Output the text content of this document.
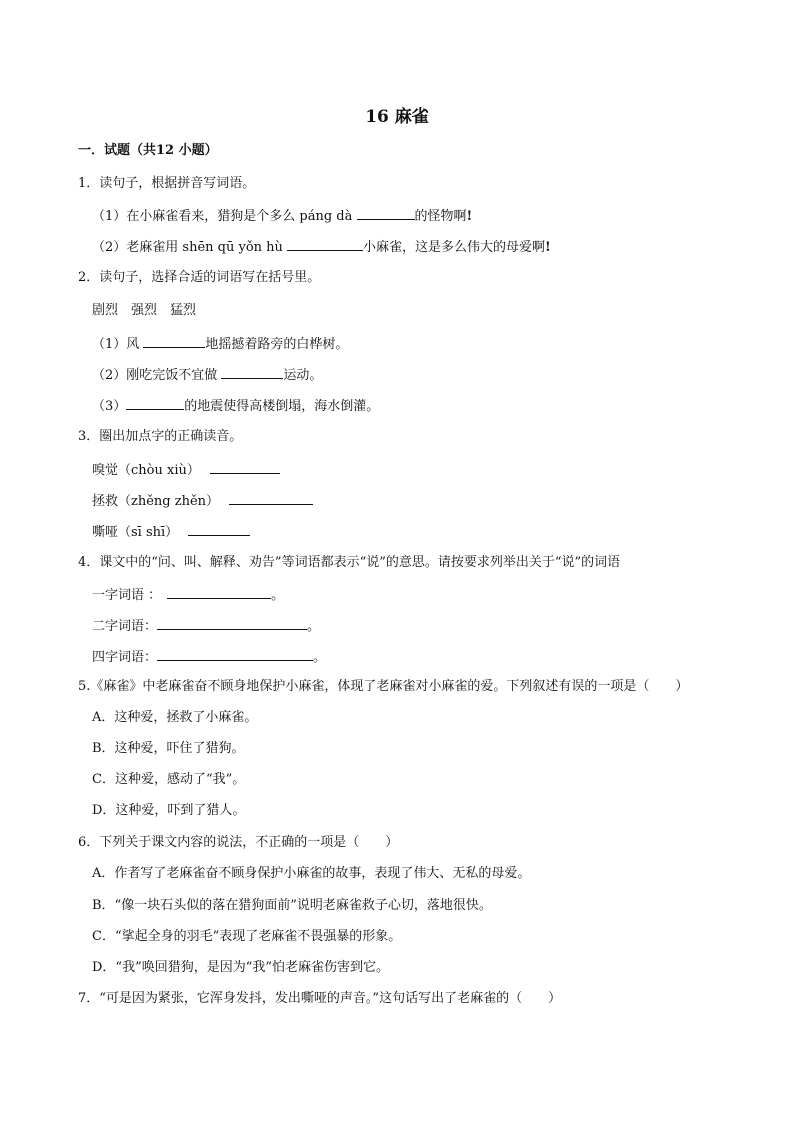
16 麻雀
一．试题（共12 小题）
1．读句子，根据拼音写词语。
（1）在小麻雀看来，猎狗是个多么 páng dà	的怪物啊!
（2）老麻雀用 shēn qū yǒn hù	小麻雀，这是多么伟大的母爱啊!
2．读句子，选择合适的词语写在括号里。
剧烈　强烈　猛烈
（1）风	地摇撼着路旁的白桦树。
（2）刚吃完饭不宜做	运动。
（3）	的地震使得高楼倒塌，海水倒灌。
3．圈出加点字的正确读音。
嗅觉（chòu xiù）
拯救（zhěng zhěn）
嘶哑（sī shī）
4．课文中的“问、叫、解释、劝告”等词语都表示“说”的意思。请按要求列举出关于“说”的词语
一字词语 ：	。
二字词语：	。
四字词语：	。
5.《麻雀》中老麻雀奋不顾身地保护小麻雀，体现了老麻雀对小麻雀的爱。下列叙述有误的一项是（　　）
A．这种爱，拯救了小麻雀。
B．这种爱，吓住了猎狗。
C．这种爱，感动了“我”。
D．这种爱，吓到了猎人。
6．下列关于课文内容的说法，不正确的一项是（　　）
A．作者写了老麻雀奋不顾身保护小麻雀的故事，表现了伟大、无私的母爱。
B．“像一块石头似的落在猎狗面前”说明老麻雀救子心切，落地很快。
C．“挲起全身的羽毛”表现了老麻雀不畏强暴的形象。
D．“我”唤回猎狗，是因为“我”怕老麻雀伤害到它。
7．“可是因为紧张，它浑身发抖，发出嘶哑的声音。”这句话写出了老麻雀的（　　）
